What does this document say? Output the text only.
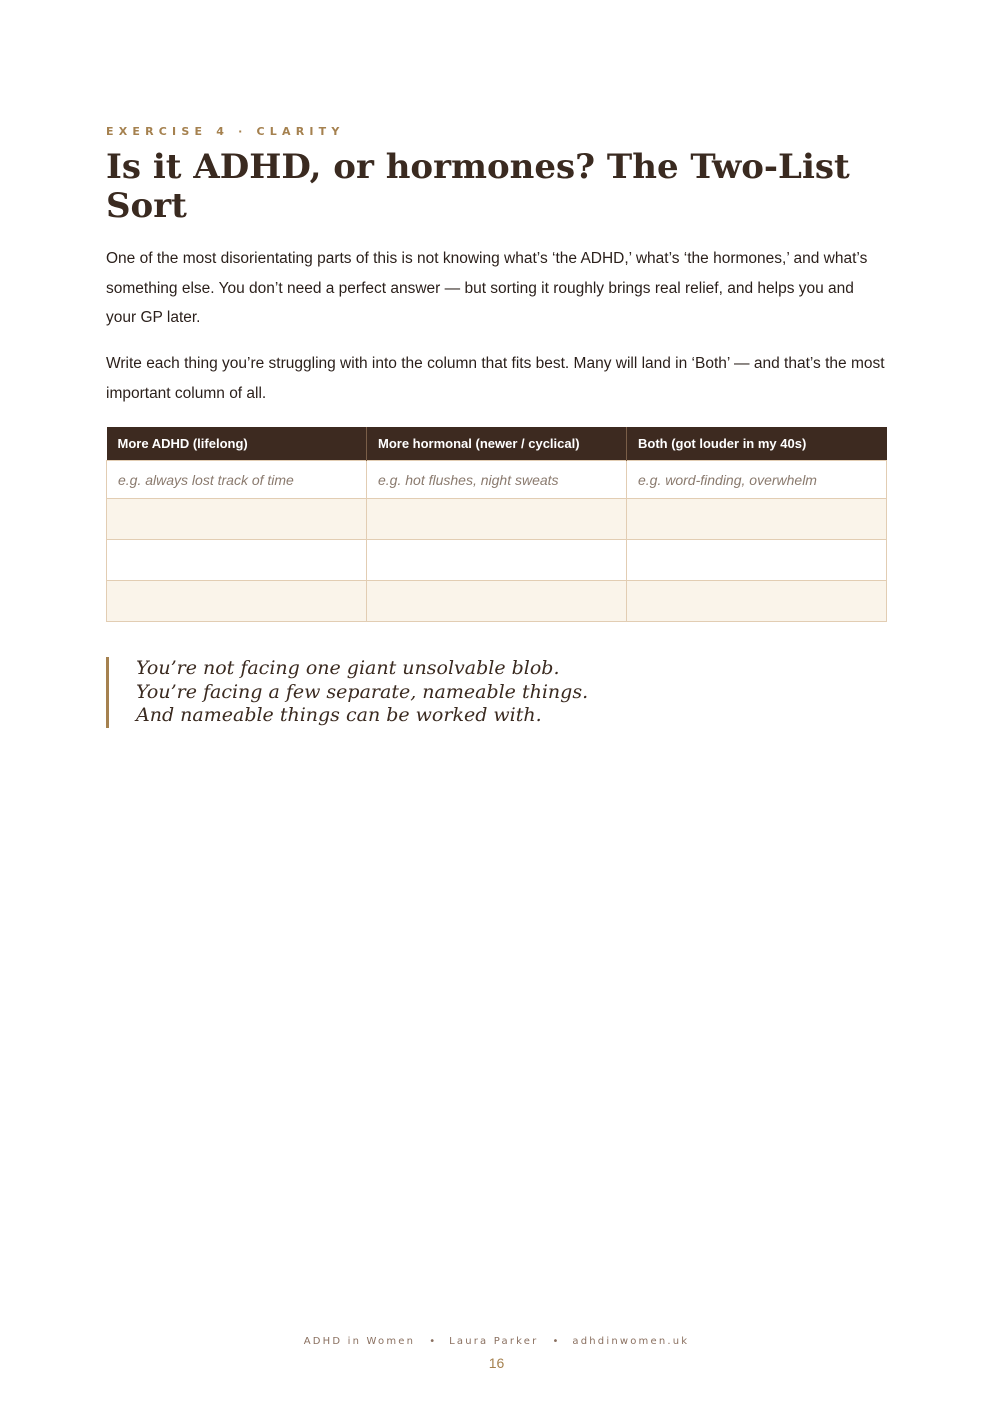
EXERCISE 4 · CLARITY
Is it ADHD, or hormones? The Two-List Sort

One of the most disorientating parts of this is not knowing what’s ‘the ADHD,’ what’s ‘the hormones,’ and what’s something else. You don’t need a perfect answer — but sorting it roughly brings real relief, and helps you and your GP later.

Write each thing you’re struggling with into the column that fits best. Many will land in ‘Both’ — and that’s the most important column of all.

More ADHD (lifelong)	More hormonal (newer / cyclical)	Both (got louder in my 40s)
e.g. always lost track of time	e.g. hot flushes, night sweats	e.g. word-finding, overwhelm

You’re not facing one giant unsolvable blob.
You’re facing a few separate, nameable things.
And nameable things can be worked with.
ADHD in Women • Laura Parker • adhdinwomen.uk
16
